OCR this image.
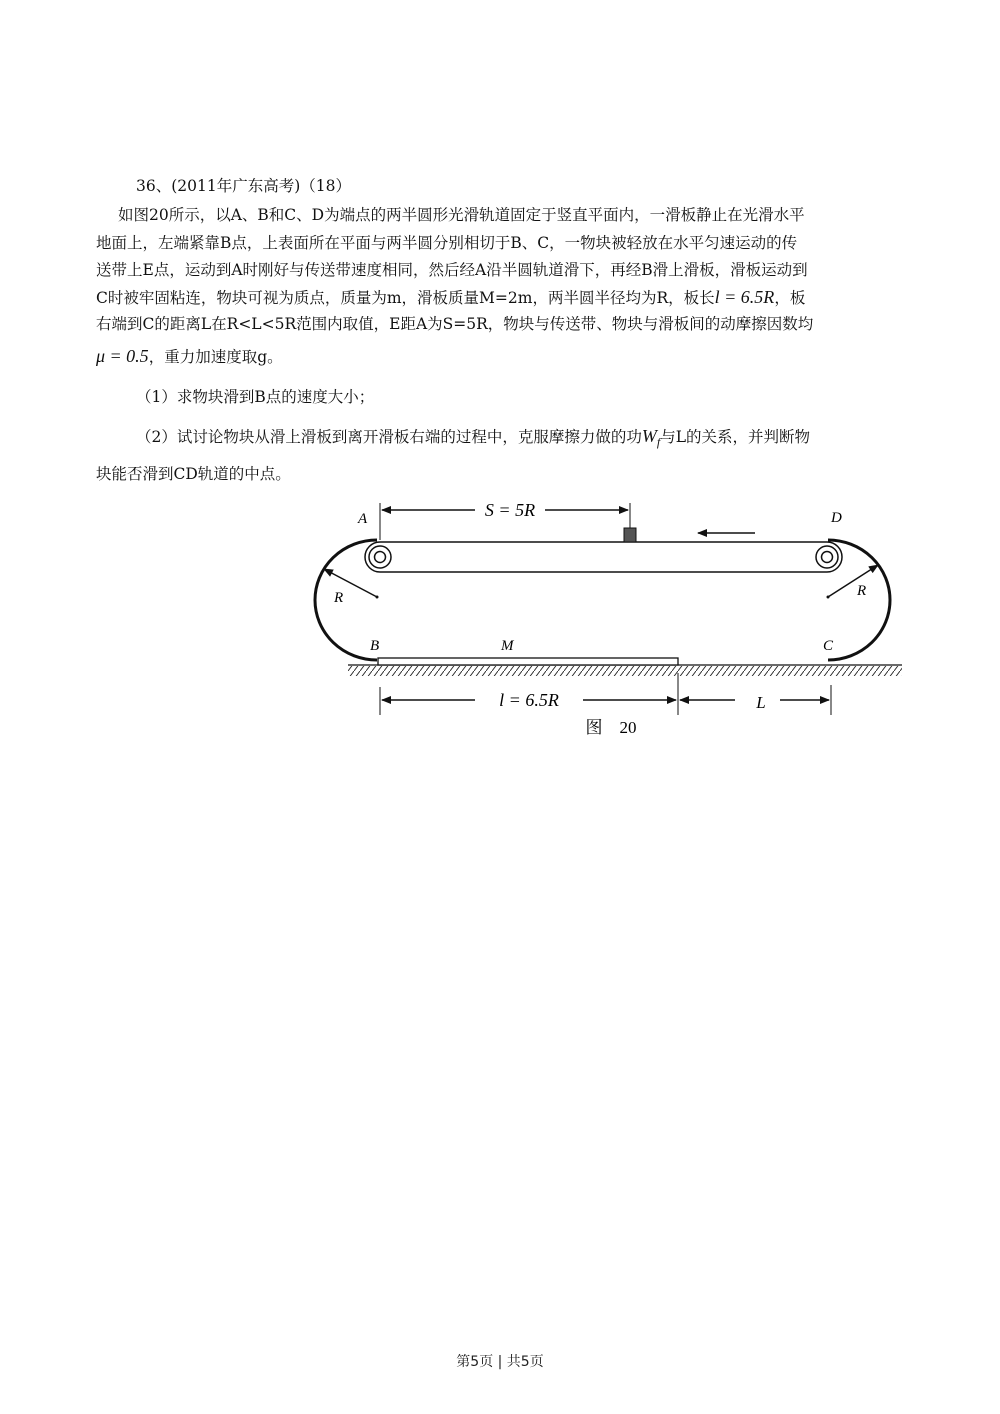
36、(2011年广东高考)（18）
如图20所示，以A、B和C、D为端点的两半圆形光滑轨道固定于竖直平面内，一滑板静止在光滑水平
地面上，左端紧靠B点，上表面所在平面与两半圆分别相切于B、C，一物块被轻放在水平匀速运动的传
送带上E点，运动到A时刚好与传送带速度相同，然后经A沿半圆轨道滑下，再经B滑上滑板，滑板运动到
C时被牢固粘连，物块可视为质点，质量为m，滑板质量M=2m，两半圆半径均为R，板长l = 6.5R，板
右端到C的距离L在R<L<5R范围内取值，E距A为S=5R，物块与传送带、物块与滑板间的动摩擦因数均
μ = 0.5，重力加速度取g。
（1）求物块滑到B点的速度大小；
（2）试讨论物块从滑上滑板到离开滑板右端的过程中，克服摩擦力做的功$W_f$与L的关系，并判断物
块能否滑到CD轨道的中点。
S = 5R
A	D
B	C
R	R
M
l = 6.5R	L
图　20
第5页 | 共5页
